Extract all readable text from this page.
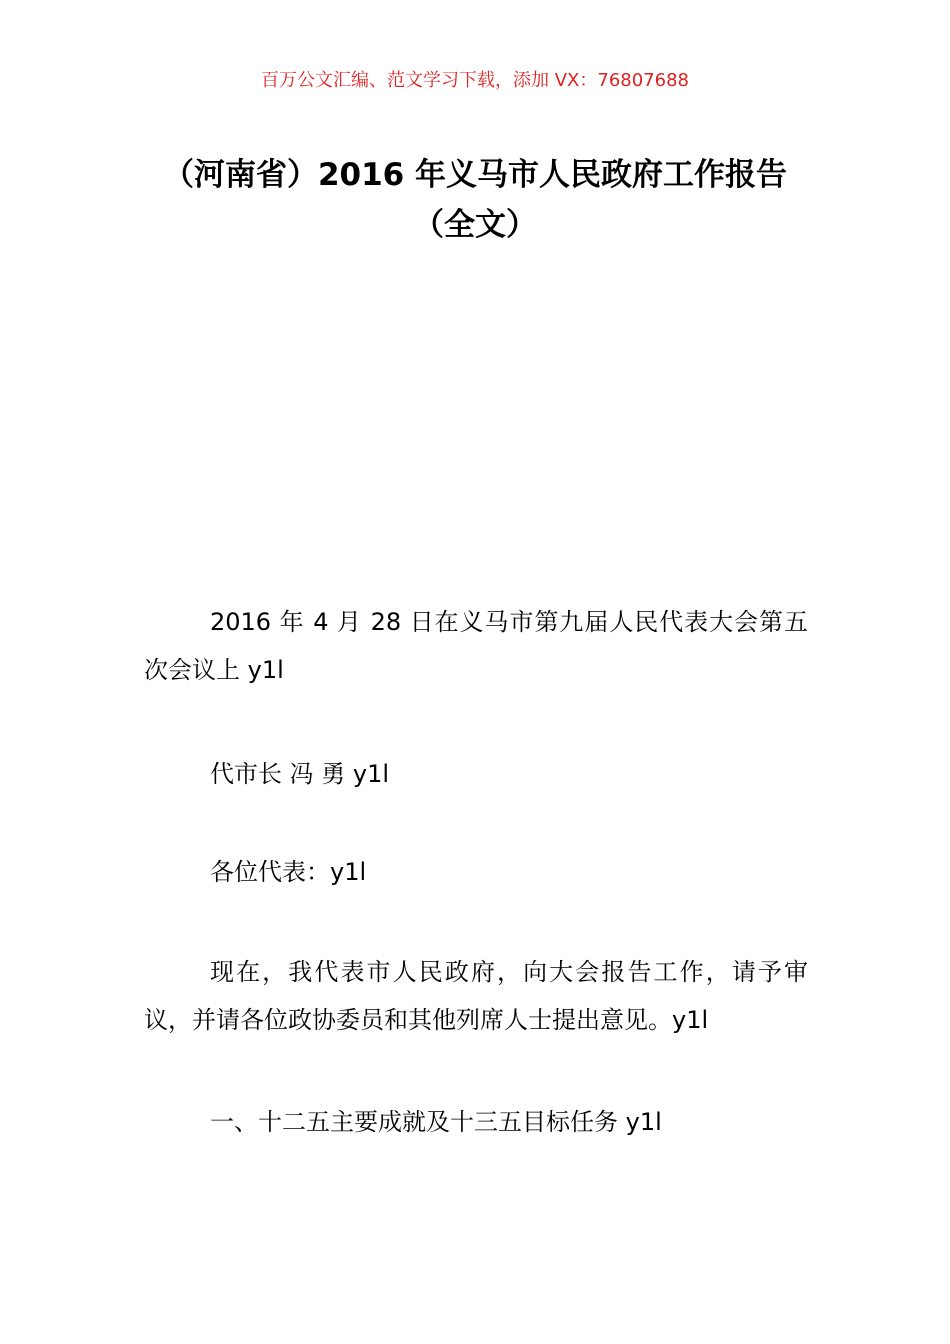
百万公文汇编、范文学习下载，添加 VX：76807688
（河南省）2016 年义马市人民政府工作报告（全文）

2016 年 4 月 28 日在义马市第九届人民代表大会第五次会议上 y1l

代市长 冯 勇 y1l

各位代表：y1l

现在，我代表市人民政府，向大会报告工作，请予审议，并请各位政协委员和其他列席人士提出意见。y1l

一、十二五主要成就及十三五目标任务 y1l
